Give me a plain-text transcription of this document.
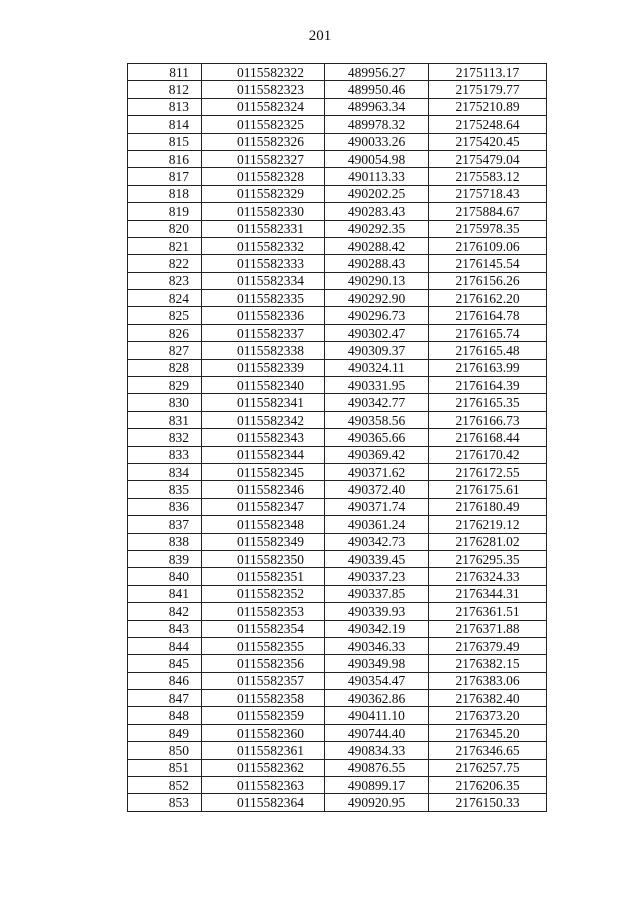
201
811	0115582322	489956.27	2175113.17
812	0115582323	489950.46	2175179.77
813	0115582324	489963.34	2175210.89
814	0115582325	489978.32	2175248.64
815	0115582326	490033.26	2175420.45
816	0115582327	490054.98	2175479.04
817	0115582328	490113.33	2175583.12
818	0115582329	490202.25	2175718.43
819	0115582330	490283.43	2175884.67
820	0115582331	490292.35	2175978.35
821	0115582332	490288.42	2176109.06
822	0115582333	490288.43	2176145.54
823	0115582334	490290.13	2176156.26
824	0115582335	490292.90	2176162.20
825	0115582336	490296.73	2176164.78
826	0115582337	490302.47	2176165.74
827	0115582338	490309.37	2176165.48
828	0115582339	490324.11	2176163.99
829	0115582340	490331.95	2176164.39
830	0115582341	490342.77	2176165.35
831	0115582342	490358.56	2176166.73
832	0115582343	490365.66	2176168.44
833	0115582344	490369.42	2176170.42
834	0115582345	490371.62	2176172.55
835	0115582346	490372.40	2176175.61
836	0115582347	490371.74	2176180.49
837	0115582348	490361.24	2176219.12
838	0115582349	490342.73	2176281.02
839	0115582350	490339.45	2176295.35
840	0115582351	490337.23	2176324.33
841	0115582352	490337.85	2176344.31
842	0115582353	490339.93	2176361.51
843	0115582354	490342.19	2176371.88
844	0115582355	490346.33	2176379.49
845	0115582356	490349.98	2176382.15
846	0115582357	490354.47	2176383.06
847	0115582358	490362.86	2176382.40
848	0115582359	490411.10	2176373.20
849	0115582360	490744.40	2176345.20
850	0115582361	490834.33	2176346.65
851	0115582362	490876.55	2176257.75
852	0115582363	490899.17	2176206.35
853	0115582364	490920.95	2176150.33
